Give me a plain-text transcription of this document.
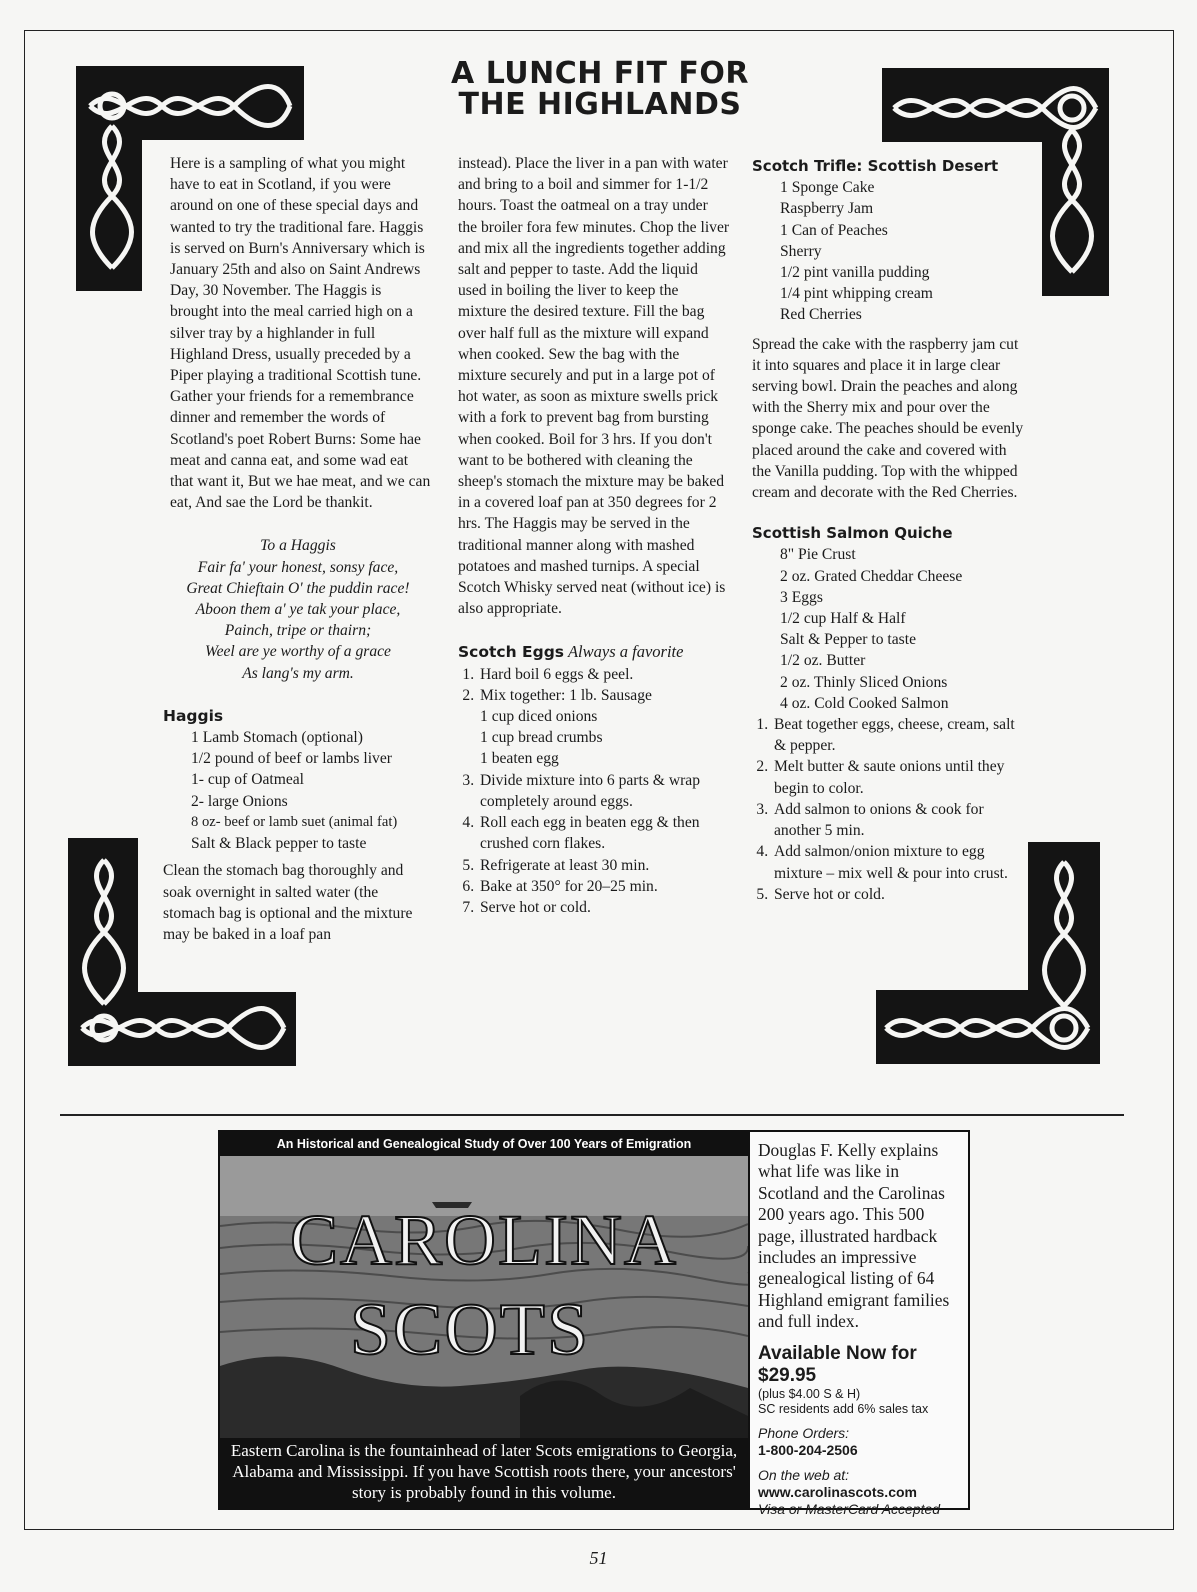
A LUNCH FIT FOR
THE HIGHLANDS

Here is a sampling of what you might have to eat in Scotland, if you were around on one of these special days and wanted to try the traditional fare. Haggis is served on Burn's Anniversary which is January 25th and also on Saint Andrews Day, 30 November. The Haggis is brought into the meal carried high on a silver tray by a highlander in full Highland Dress, usually preceded by a Piper playing a traditional Scottish tune. Gather your friends for a remembrance dinner and remember the words of Scotland's poet Robert Burns: Some hae meat and canna eat, and some wad eat that want it, But we hae meat, and we can eat, And sae the Lord be thankit.

To a Haggis
Fair fa' your honest, sonsy face,
Great Chieftain O' the puddin race!
Aboon them a' ye tak your place,
Painch, tripe or thairn;
Weel are ye worthy of a grace
As lang's my arm.
Haggis
1 Lamb Stomach (optional)
1/2 pound of beef or lambs liver
1- cup of Oatmeal
2- large Onions
8 oz- beef or lamb suet (animal fat)
Salt & Black pepper to taste

Clean the stomach bag thoroughly and soak overnight in salted water (the stomach bag is optional and the mixture may be baked in a loaf pan

instead). Place the liver in a pan with water and bring to a boil and simmer for 1-1/2 hours. Toast the oatmeal on a tray under the broiler fora few minutes. Chop the liver and mix all the ingredients together adding salt and pepper to taste. Add the liquid used in boiling the liver to keep the mixture the desired texture. Fill the bag over half full as the mixture will expand when cooked. Sew the bag with the mixture securely and put in a large pot of hot water, as soon as mixture swells prick with a fork to prevent bag from bursting when cooked. Boil for 3 hrs. If you don't want to be bothered with cleaning the sheep's stomach the mixture may be baked in a covered loaf pan at 350 degrees for 2 hrs. The Haggis may be served in the traditional manner along with mashed potatoes and mashed turnips. A special Scotch Whisky served neat (without ice) is also appropriate.

Scotch Eggs Always a favorite
1. Hard boil 6 eggs & peel.
2. Mix together: 1 lb. Sausage
1 cup diced onions
1 cup bread crumbs
1 beaten egg
3. Divide mixture into 6 parts & wrap completely around eggs.
4. Roll each egg in beaten egg & then crushed corn flakes.
5. Refrigerate at least 30 min.
6. Bake at 350° for 20–25 min.
7. Serve hot or cold.
Scotch Trifle: Scottish Desert
1 Sponge Cake
Raspberry Jam
1 Can of Peaches
Sherry
1/2 pint vanilla pudding
1/4 pint whipping cream
Red Cherries

Spread the cake with the raspberry jam cut it into squares and place it in large clear serving bowl. Drain the peaches and along with the Sherry mix and pour over the sponge cake. The peaches should be evenly placed around the cake and covered with the Vanilla pudding. Top with the whipped cream and decorate with the Red Cherries.

Scottish Salmon Quiche
8" Pie Crust
2 oz. Grated Cheddar Cheese
3 Eggs
1/2 cup Half & Half
Salt & Pepper to taste
1/2 oz. Butter
2 oz. Thinly Sliced Onions
4 oz. Cold Cooked Salmon
1. Beat together eggs, cheese, cream, salt & pepper.
2. Melt butter & saute onions until they begin to color.
3. Add salmon to onions & cook for another 5 min.
4. Add salmon/onion mixture to egg mixture – mix well & pour into crust.
5. Serve hot or cold.
An Historical and Genealogical Study of Over 100 Years of Emigration
CAROLINA
SCOTS
Eastern Carolina is the fountainhead of later Scots emigrations to Georgia, Alabama and Mississippi. If you have Scottish roots there, your ancestors' story is probably found in this volume.
Douglas F. Kelly explains what life was like in Scotland and the Carolinas 200 years ago. This 500 page, illustrated hardback includes an impressive genealogical listing of 64 Highland emigrant families and full index.
Available Now for $29.95
(plus $4.00 S & H)
SC residents add 6% sales tax
Phone Orders:
1-800-204-2506
On the web at:
www.carolinascots.com
Visa or MasterCard Accepted
51
